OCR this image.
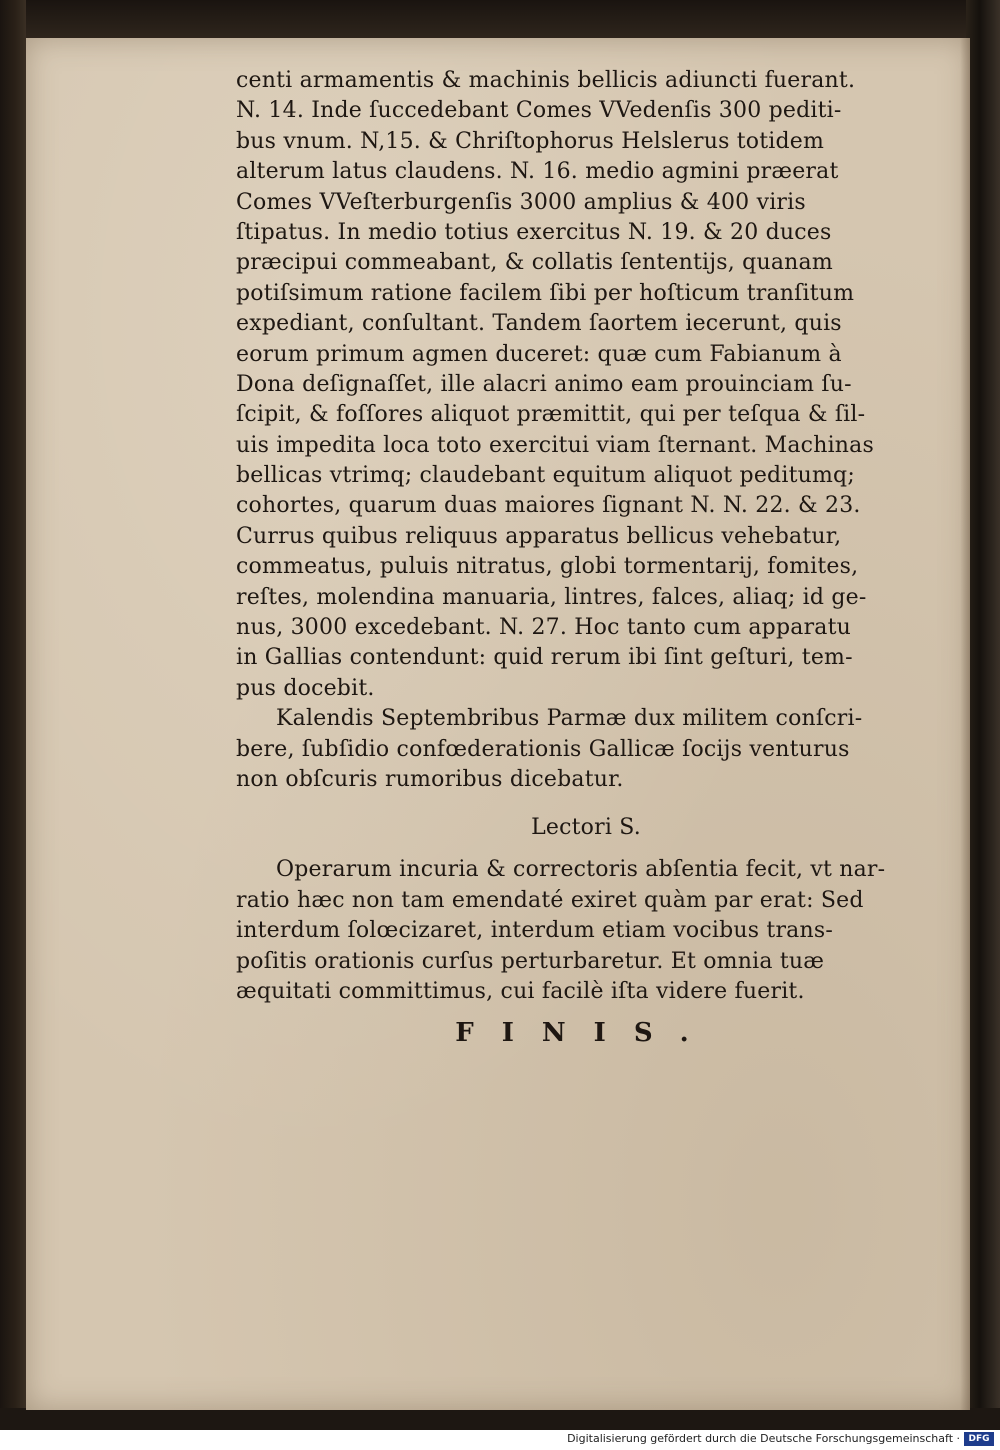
centi armamentis & machinis bellicis adiuncti fuerant.
N. 14. Inde ſuccedebant Comes VVedenſis 300 pediti-
bus vnum. N,15. & Chriſtophorus Helslerus totidem
alterum latus claudens. N. 16. medio agmini præerat
Comes VVeſterburgenſis 3000 amplius & 400 viris
ſtipatus. In medio totius exercitus N. 19. & 20 duces
præcipui commeabant, & collatis ſententijs, quanam
potiſsimum ratione facilem ſibi per hoſticum tranſitum
expediant, conſultant. Tandem ſaortem iecerunt, quis
eorum primum agmen duceret: quæ cum Fabianum à
Dona deſignaſſet, ille alacri animo eam prouinciam ſu-
ſcipit, & foſſores aliquot præmittit, qui per teſqua & ſil-
uis impedita loca toto exercitui viam ſternant. Machinas
bellicas vtrimq; claudebant equitum aliquot peditumq;
cohortes, quarum duas maiores ſignant N. N. 22. & 23.
Currus quibus reliquus apparatus bellicus vehebatur,
commeatus, puluis nitratus, globi tormentarij, fomites,
reſtes, molendina manuaria, lintres, falces, aliaq; id ge-
nus, 3000 excedebant. N. 27. Hoc tanto cum apparatu
in Gallias contendunt: quid rerum ibi ſint geſturi, tem-
pus docebit.
Kalendis Septembribus Parmæ dux militem conſcri-
bere, ſubſidio confœderationis Gallicæ ſocijs venturus
non obſcuris rumoribus dicebatur.
Lectori S.
Operarum incuria & correctoris abſentia fecit, vt nar-
ratio hæc non tam emendaté exiret quàm par erat: Sed
interdum ſolœcizaret, interdum etiam vocibus trans-
poſitis orationis curſus perturbaretur. Et omnia tuæ
æquitati committimus, cui facilè iſta videre fuerit.
FINIS.
Digitalisierung gefördert durch die Deutsche Forschungsgemeinschaft · DFG
